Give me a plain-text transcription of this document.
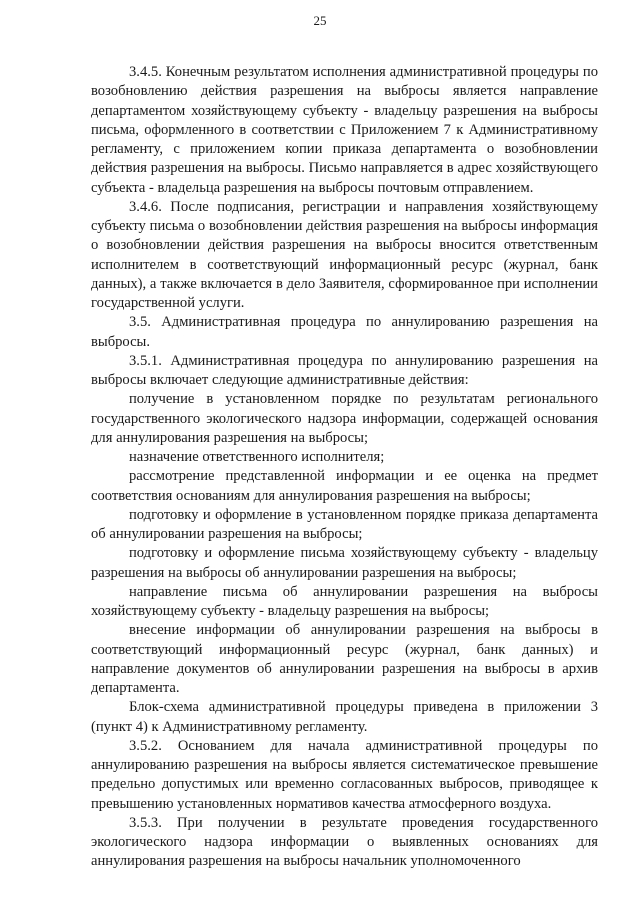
25

3.4.5. Конечным результатом исполнения административной процедуры по возобновлению действия разрешения на выбросы является направление департаментом хозяйствующему субъекту - владельцу разрешения на выбросы письма, оформленного в соответствии с Приложением 7 к Административному регламенту, с приложением копии приказа департамента о возобновлении действия разрешения на выбросы. Письмо направляется в адрес хозяйствующего субъекта - владельца разрешения на выбросы почтовым отправлением.

3.4.6. После подписания, регистрации и направления хозяйствующему субъекту письма о возобновлении действия разрешения на выбросы информация о возобновлении действия разрешения на выбросы вносится ответственным исполнителем в соответствующий информационный ресурс (журнал, банк данных), а также включается в дело Заявителя, сформированное при исполнении государственной услуги.

3.5. Административная процедура по аннулированию разрешения на выбросы.

3.5.1. Административная процедура по аннулированию разрешения на выбросы включает следующие административные действия:

получение в установленном порядке по результатам регионального государственного экологического надзора информации, содержащей основания для аннулирования разрешения на выбросы;

назначение ответственного исполнителя;

рассмотрение представленной информации и ее оценка на предмет соответствия основаниям для аннулирования разрешения на выбросы;

подготовку и оформление в установленном порядке приказа департамента об аннулировании разрешения на выбросы;

подготовку и оформление письма хозяйствующему субъекту - владельцу разрешения на выбросы об аннулировании разрешения на выбросы;

направление письма об аннулировании разрешения на выбросы хозяйствующему субъекту - владельцу разрешения на выбросы;

внесение информации об аннулировании разрешения на выбросы в соответствующий информационный ресурс (журнал, банк данных) и направление документов об аннулировании разрешения на выбросы в архив департамента.

Блок-схема административной процедуры приведена в приложении 3 (пункт 4) к Административному регламенту.

3.5.2. Основанием для начала административной процедуры по аннулированию разрешения на выбросы является систематическое превышение предельно допустимых или временно согласованных выбросов, приводящее к превышению установленных нормативов качества атмосферного воздуха.

3.5.3. При получении в результате проведения государственного экологического надзора информации о выявленных основаниях для аннулирования разрешения на выбросы начальник уполномоченного
